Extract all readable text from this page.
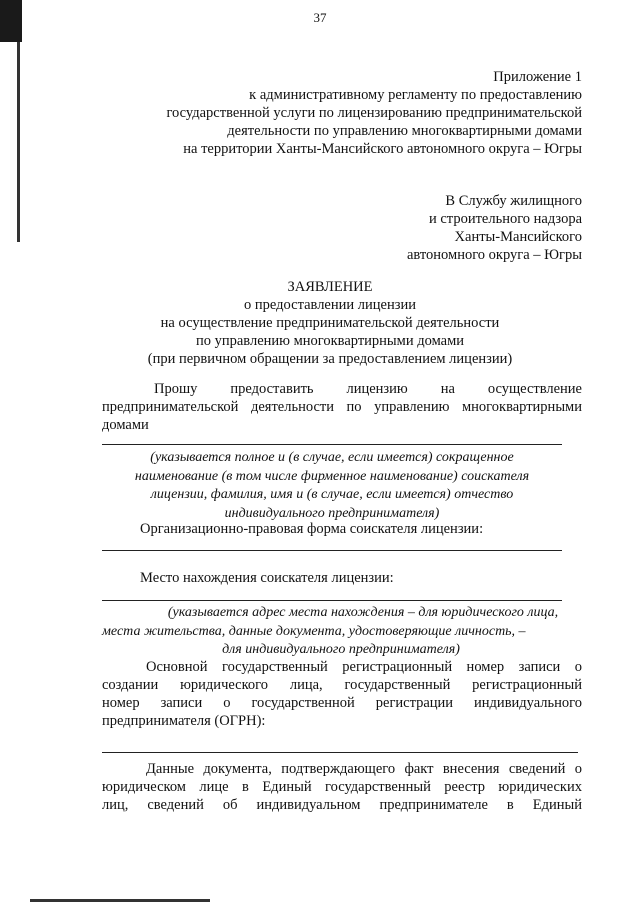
37
Приложение 1
к административному регламенту по предоставлению
государственной услуги по лицензированию предпринимательской
деятельности по управлению многоквартирными домами
на территории Ханты-Мансийского автономного округа – Югры
В Службу жилищного
и строительного надзора
Ханты-Мансийского
автономного округа – Югры
ЗАЯВЛЕНИЕ
о предоставлении лицензии
на осуществление предпринимательской деятельности
по управлению многоквартирными домами
(при первичном обращении за предоставлением лицензии)
Прошу предоставить лицензию на осуществление
предпринимательской деятельности по управлению многоквартирными
домами
(указывается полное и (в случае, если имеется) сокращенное
наименование (в том числе фирменное наименование) соискателя
лицензии, фамилия, имя и (в случае, если имеется) отчество
индивидуального предпринимателя)
Организационно-правовая форма соискателя лицензии:
Место нахождения соискателя лицензии:
(указывается адрес места нахождения – для юридического лица,
места жительства, данные документа, удостоверяющие личность, –
для индивидуального предпринимателя)
Основной государственный регистрационный номер записи о
создании юридического лица, государственный регистрационный
номер записи о государственной регистрации индивидуального
предпринимателя (ОГРН):
Данные документа, подтверждающего факт внесения сведений о
юридическом лице в Единый государственный реестр юридических
лиц, сведений об индивидуальном предпринимателе в Единый
